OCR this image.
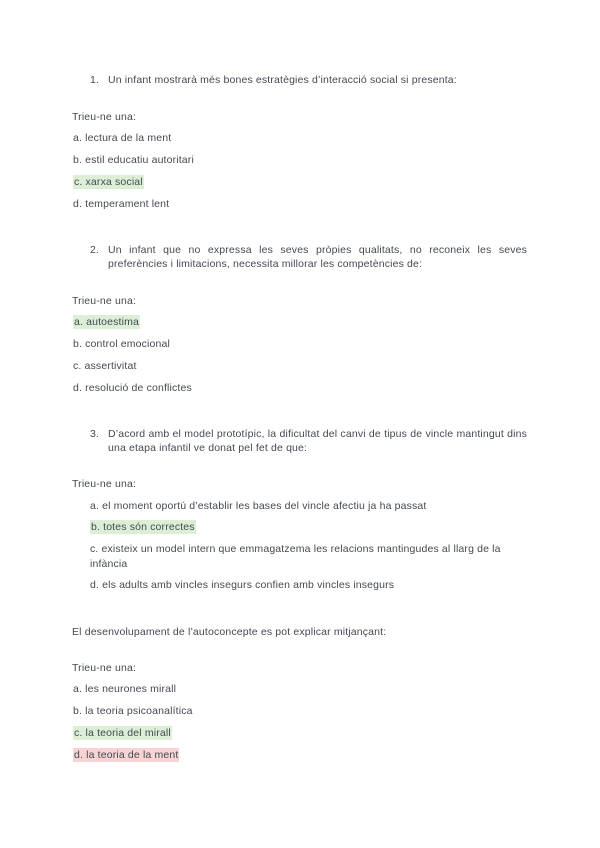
1. Un infant mostrarà més bones estratègies d’interacció social si presenta:
Trieu-ne una:
a. lectura de la ment
b. estil educatiu autoritari
c. xarxa social
d. temperament lent
2. Un infant que no expressa les seves pròpies qualitats, no reconeix les seves preferències i limitacions, necessita millorar les competències de:
Trieu-ne una:
a. autoestima
b. control emocional
c. assertivitat
d. resolució de conflictes
3. D’acord amb el model prototípic, la dificultat del canvi de tipus de vincle mantingut dins una etapa infantil ve donat pel fet de que:
Trieu-ne una:
a. el moment oportú d’establir les bases del vincle afectiu ja ha passat
b. totes són correctes
c. existeix un model intern que emmagatzema les relacions mantingudes al llarg de la infància
d. els adults amb vincles insegurs confien amb vincles insegurs
El desenvolupament de l’autoconcepte es pot explicar mitjançant:
Trieu-ne una:
a. les neurones mirall
b. la teoria psicoanalítica
c. la teoria del mirall
d. la teoria de la ment
